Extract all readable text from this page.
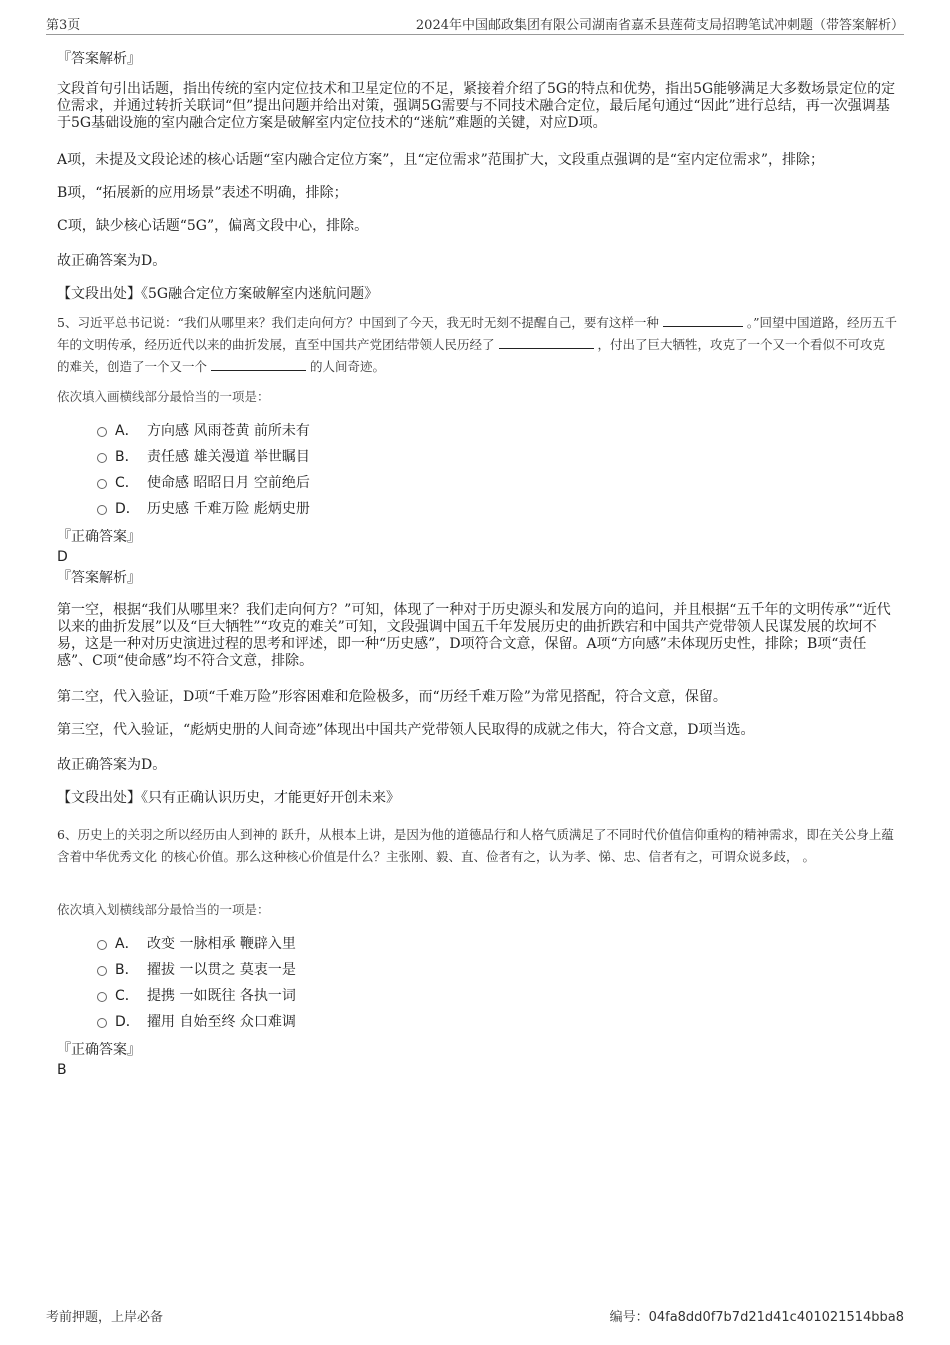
第3页	2024年中国邮政集团有限公司湖南省嘉禾县莲荷支局招聘笔试冲刺题（带答案解析）
『答案解析』

文段首句引出话题，指出传统的室内定位技术和卫星定位的不足，紧接着介绍了5G的特点和优势，指出5G能够满足大多数场景定位的定位需求，并通过转折关联词“但”提出问题并给出对策，强调5G需要与不同技术融合定位，最后尾句通过“因此”进行总结，再一次强调基于5G基础设施的室内融合定位方案是破解室内定位技术的“迷航”难题的关键，对应D项。

A项，未提及文段论述的核心话题“室内融合定位方案”，且“定位需求”范围扩大，文段重点强调的是“室内定位需求”，排除；

B项，“拓展新的应用场景”表述不明确，排除；

C项，缺少核心话题“5G”，偏离文段中心，排除。

故正确答案为D。

【文段出处】《5G融合定位方案破解室内迷航问题》

5、习近平总书记说：“我们从哪里来？我们走向何方？中国到了今天，我无时无刻不提醒自己，要有这样一种	。”回望中国道路，经历五千年的文明传承，经历近代以来的曲折发展，直至中国共产党团结带领人民历经了	，付出了巨大牺牲，攻克了一个又一个看似不可攻克的难关，创造了一个又一个	的人间奇迹。

依次填入画横线部分最恰当的一项是：
A． 方向感 风雨苍黄 前所未有
B． 责任感 雄关漫道 举世瞩目
C． 使命感 昭昭日月 空前绝后
D． 历史感 千难万险 彪炳史册
『正确答案』
D
『答案解析』

第一空，根据“我们从哪里来？我们走向何方？”可知，体现了一种对于历史源头和发展方向的追问，并且根据“五千年的文明传承”“近代以来的曲折发展”以及“巨大牺牲”“攻克的难关”可知，文段强调中国五千年发展历史的曲折跌宕和中国共产党带领人民谋发展的坎坷不易，这是一种对历史演进过程的思考和评述，即一种“历史感”，D项符合文意，保留。A项“方向感”未体现历史性，排除；B项“责任感”、C项“使命感”均不符合文意，排除。

第二空，代入验证，D项“千难万险”形容困难和危险极多，而“历经千难万险”为常见搭配，符合文意，保留。

第三空，代入验证，“彪炳史册的人间奇迹”体现出中国共产党带领人民取得的成就之伟大，符合文意，D项当选。

故正确答案为D。

【文段出处】《只有正确认识历史，才能更好开创未来》

6、历史上的关羽之所以经历由人到神的 跃升，从根本上讲，是因为他的道德品行和人格气质满足了不同时代价值信仰重构的精神需求，即在关公身上蕴含着中华优秀文化 的核心价值。那么这种核心价值是什么？主张刚、毅、直、俭者有之，认为孝、悌、忠、信者有之，可谓众说多歧， 。

依次填入划横线部分最恰当的一项是：
A． 改变 一脉相承 鞭辟入里
B． 擢拔 一以贯之 莫衷一是
C． 提携 一如既往 各执一词
D． 擢用 自始至终 众口难调
『正确答案』
B
考前押题，上岸必备	编号：04fa8dd0f7b7d21d41c401021514bba8
